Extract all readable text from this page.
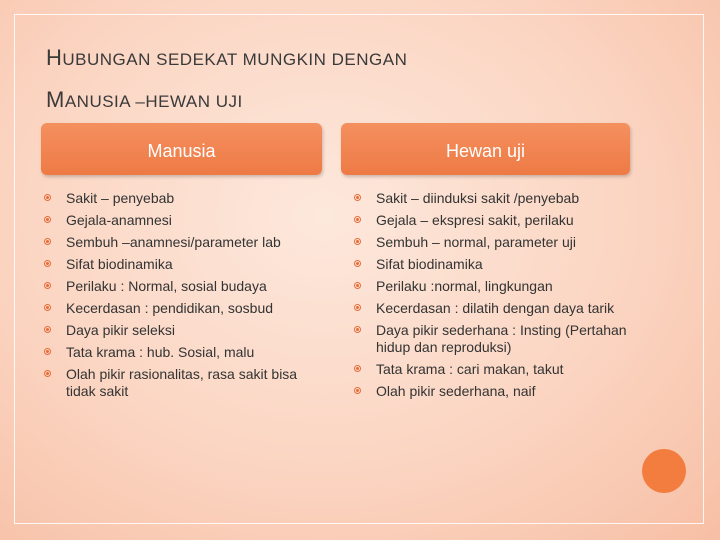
HUBUNGAN SEDEKAT MUNGKIN DENGAN
MANUSIA –HEWAN UJI
Manusia	Hewan uji
Sakit – penyebab
Gejala-anamnesi
Sembuh –anamnesi/parameter lab
Sifat biodinamika
Perilaku : Normal, sosial budaya
Kecerdasan : pendidikan, sosbud
Daya pikir seleksi
Tata krama : hub. Sosial, malu
Olah pikir rasionalitas, rasa sakit bisa tidak sakit
Sakit – diinduksi sakit /penyebab
Gejala – ekspresi sakit, perilaku
Sembuh – normal, parameter uji
Sifat biodinamika
Perilaku :normal, lingkungan
Kecerdasan : dilatih dengan daya tarik
Daya pikir sederhana : Insting (Pertahan hidup dan reproduksi)
Tata krama : cari makan, takut
Olah pikir sederhana, naif
